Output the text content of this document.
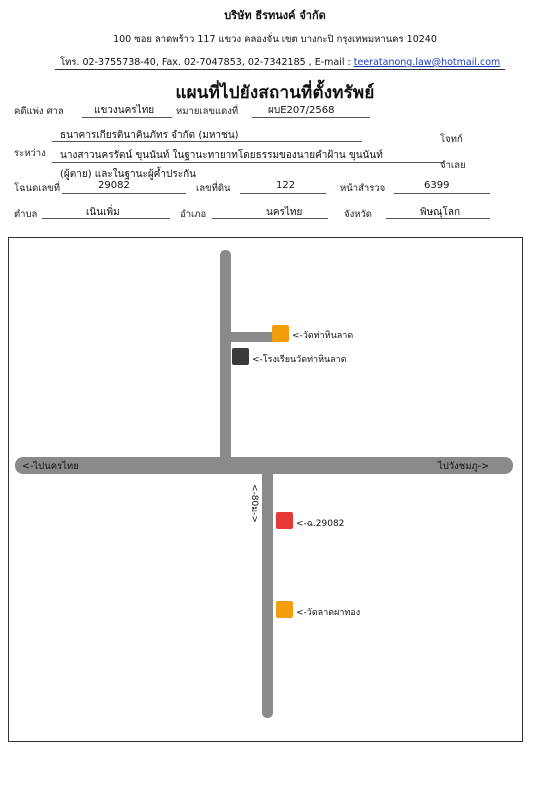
บริษัท ธีรทนงค์ จำกัด
100 ซอย ลาดพร้าว 117 แขวง คลองจั่น เขต บางกะปิ กรุงเทพมหานคร 10240
โทร. 02-3755738-40, Fax. 02-7047853, 02-7342185 , E-mail : teeratanong.law@hotmail.com
แผนที่ไปยังสถานที่ตั้งทรัพย์
คดีแพ่ง ศาล	แขวงนครไทย หมายเลขแดงที่	ผบE207/2568
ธนาคารเกียรตินาคินภัทร จำกัด (มหาชน)	โจทก์
ระหว่าง นางสาวนครรัตน์ ขุนนันท์ ในฐานะทายาทโดยธรรมของนายคำฝ้าน ขุนนันท์
จำเลย
(ผู้ตาย) และในฐานะผู้ค้ำประกัน
โฉนดเลขที่	29082	เลขที่ดิน	122	หน้าสำรวจ	6399
ตำบล	เนินเพิ่ม	อำเภอ	นครไทย	จังหวัด	พิษณุโลก
<-ไปนครไทย	ไปวังชมภู->
<-80ม->
<-วัดท่าหินลาด
<-โรงเรียนวัดท่าหินลาด
<-ฉ.29082
<-วัดลาดผาทอง
